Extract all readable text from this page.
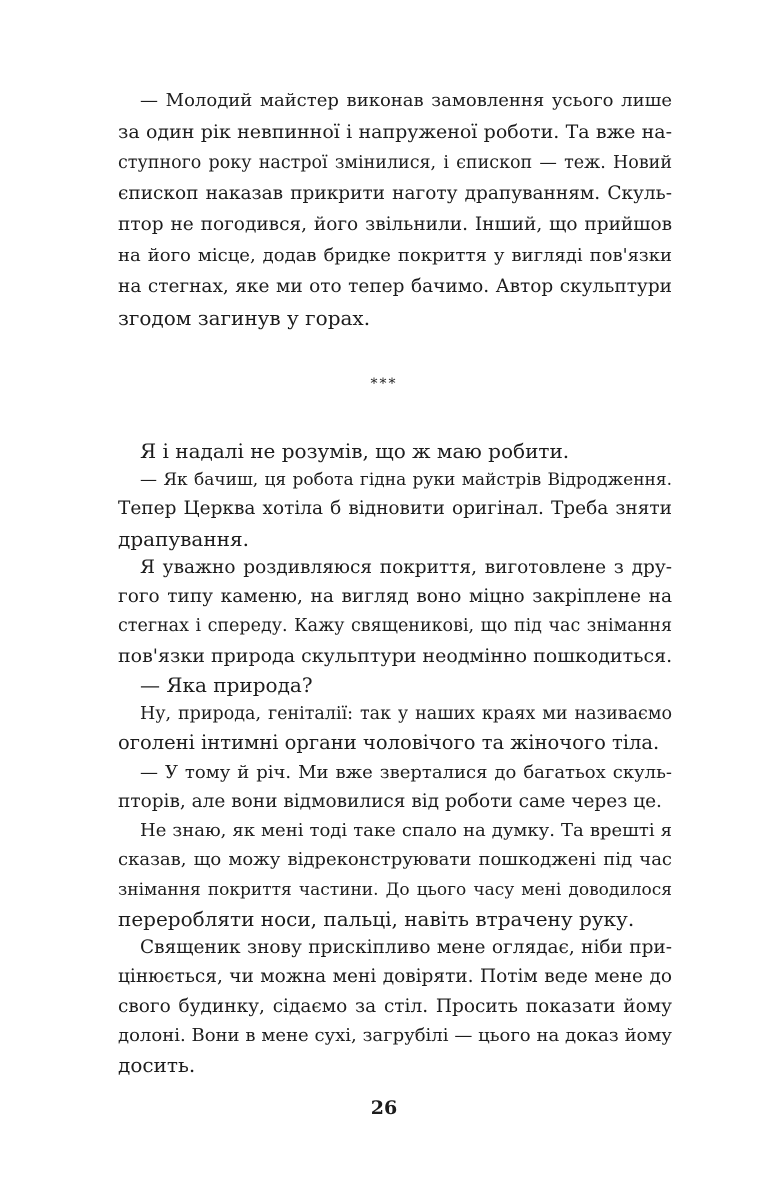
— Молодий майстер виконав замовлення усього лише
за один рік невпинної і напруженої роботи. Та вже на-
ступного року настрої змінилися, і єпископ — теж. Новий
єпископ наказав прикрити наготу драпуванням. Скуль-
птор не погодився, його звільнили. Інший, що прийшов
на його місце, додав бридке покриття у вигляді пов'язки
на стегнах, яке ми ото тепер бачимо. Автор скульптури
згодом загинув у горах.
***
Я і надалі не розумів, що ж маю робити.
— Як бачиш, ця робота гідна руки майстрів Відродження.
Тепер Церква хотіла б відновити оригінал. Треба зняти
драпування.
Я уважно роздивляюся покриття, виготовлене з дру-
гого типу каменю, на вигляд воно міцно закріплене на
стегнах і спереду. Кажу священикові, що під час знімання
пов'язки природа скульптури неодмінно пошкодиться.
— Яка природа?
Ну, природа, геніталії: так у наших краях ми називаємо
оголені інтимні органи чоловічого та жіночого тіла.
— У тому й річ. Ми вже зверталися до багатьох скуль-
пторів, але вони відмовилися від роботи саме через це.
Не знаю, як мені тоді таке спало на думку. Та врешті я
сказав, що можу відреконструювати пошкоджені під час
знімання покриття частини. До цього часу мені доводилося
переробляти носи, пальці, навіть втрачену руку.
Священик знову прискіпливо мене оглядає, ніби при-
цінюється, чи можна мені довіряти. Потім веде мене до
свого будинку, сідаємо за стіл. Просить показати йому
долоні. Вони в мене сухі, загрубілі — цього на доказ йому
26
досить.
